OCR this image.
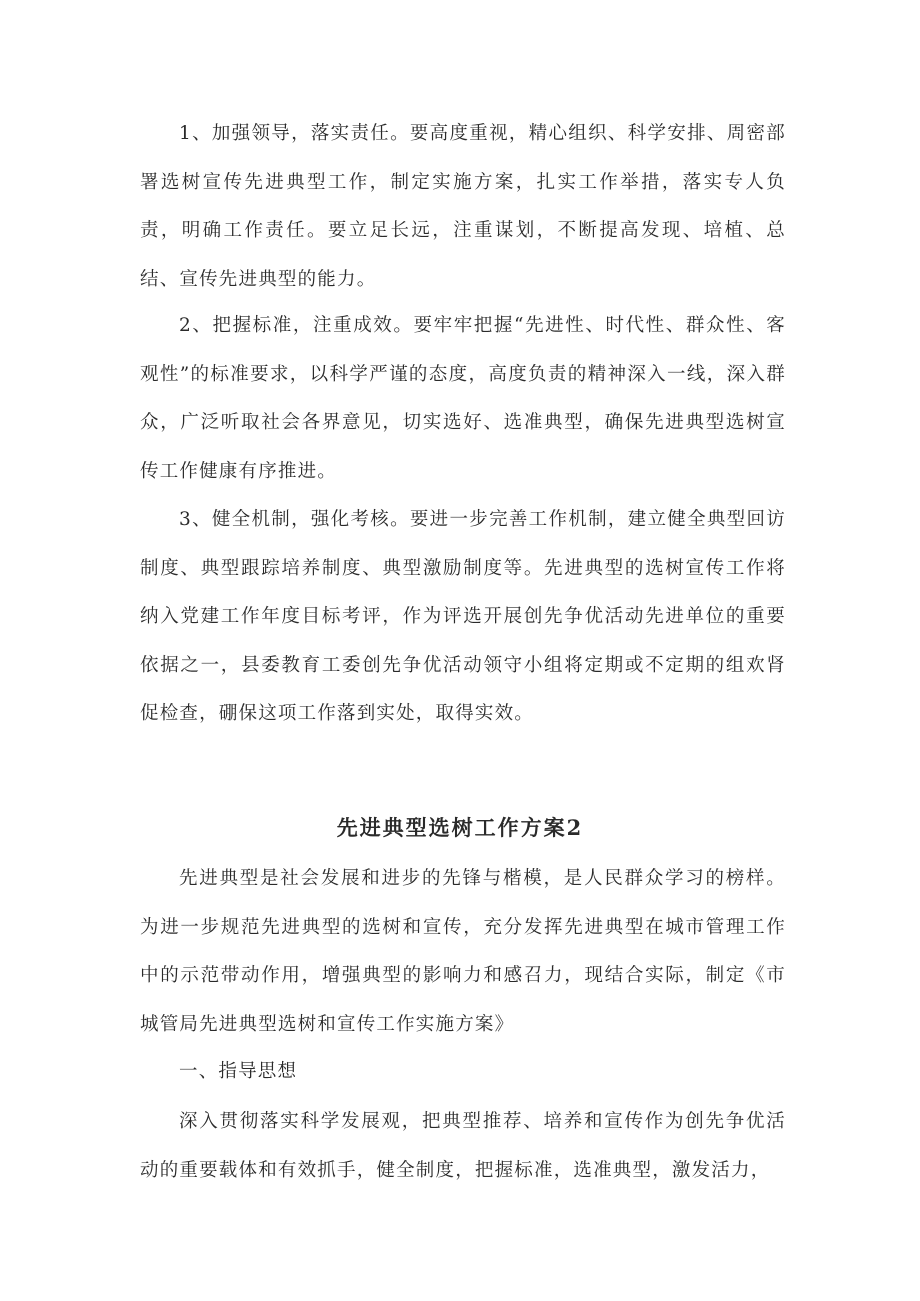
1、加强领导，落实责任。要高度重视，精心组织、科学安排、周密部署选树宣传先进典型工作，制定实施方案，扎实工作举措，落实专人负责，明确工作责任。要立足长远，注重谋划，不断提高发现、培植、总结、宣传先进典型的能力。

2、把握标准，注重成效。要牢牢把握“先进性、时代性、群众性、客观性”的标准要求，以科学严谨的态度，高度负责的精神深入一线，深入群众，广泛听取社会各界意见，切实选好、选准典型，确保先进典型选树宣传工作健康有序推进。

3、健全机制，强化考核。要进一步完善工作机制，建立健全典型回访制度、典型跟踪培养制度、典型激励制度等。先进典型的选树宣传工作将纳入党建工作年度目标考评，作为评选开展创先争优活动先进单位的重要依据之一，县委教育工委创先争优活动领守小组将定期或不定期的组欢肾促检查，硼保这项工作落到实处，取得实效。

先进典型选树工作方案2

先进典型是社会发展和进步的先锋与楷模，是人民群众学习的榜样。为进一步规范先进典型的选树和宣传，充分发挥先进典型在城市管理工作中的示范带动作用，增强典型的影响力和感召力，现结合实际，制定《市城管局先进典型选树和宣传工作实施方案》

一、指导思想

深入贯彻落实科学发展观，把典型推荐、培养和宣传作为创先争优活动的重要载体和有效抓手，健全制度，把握标准，选准典型，激发活力，
